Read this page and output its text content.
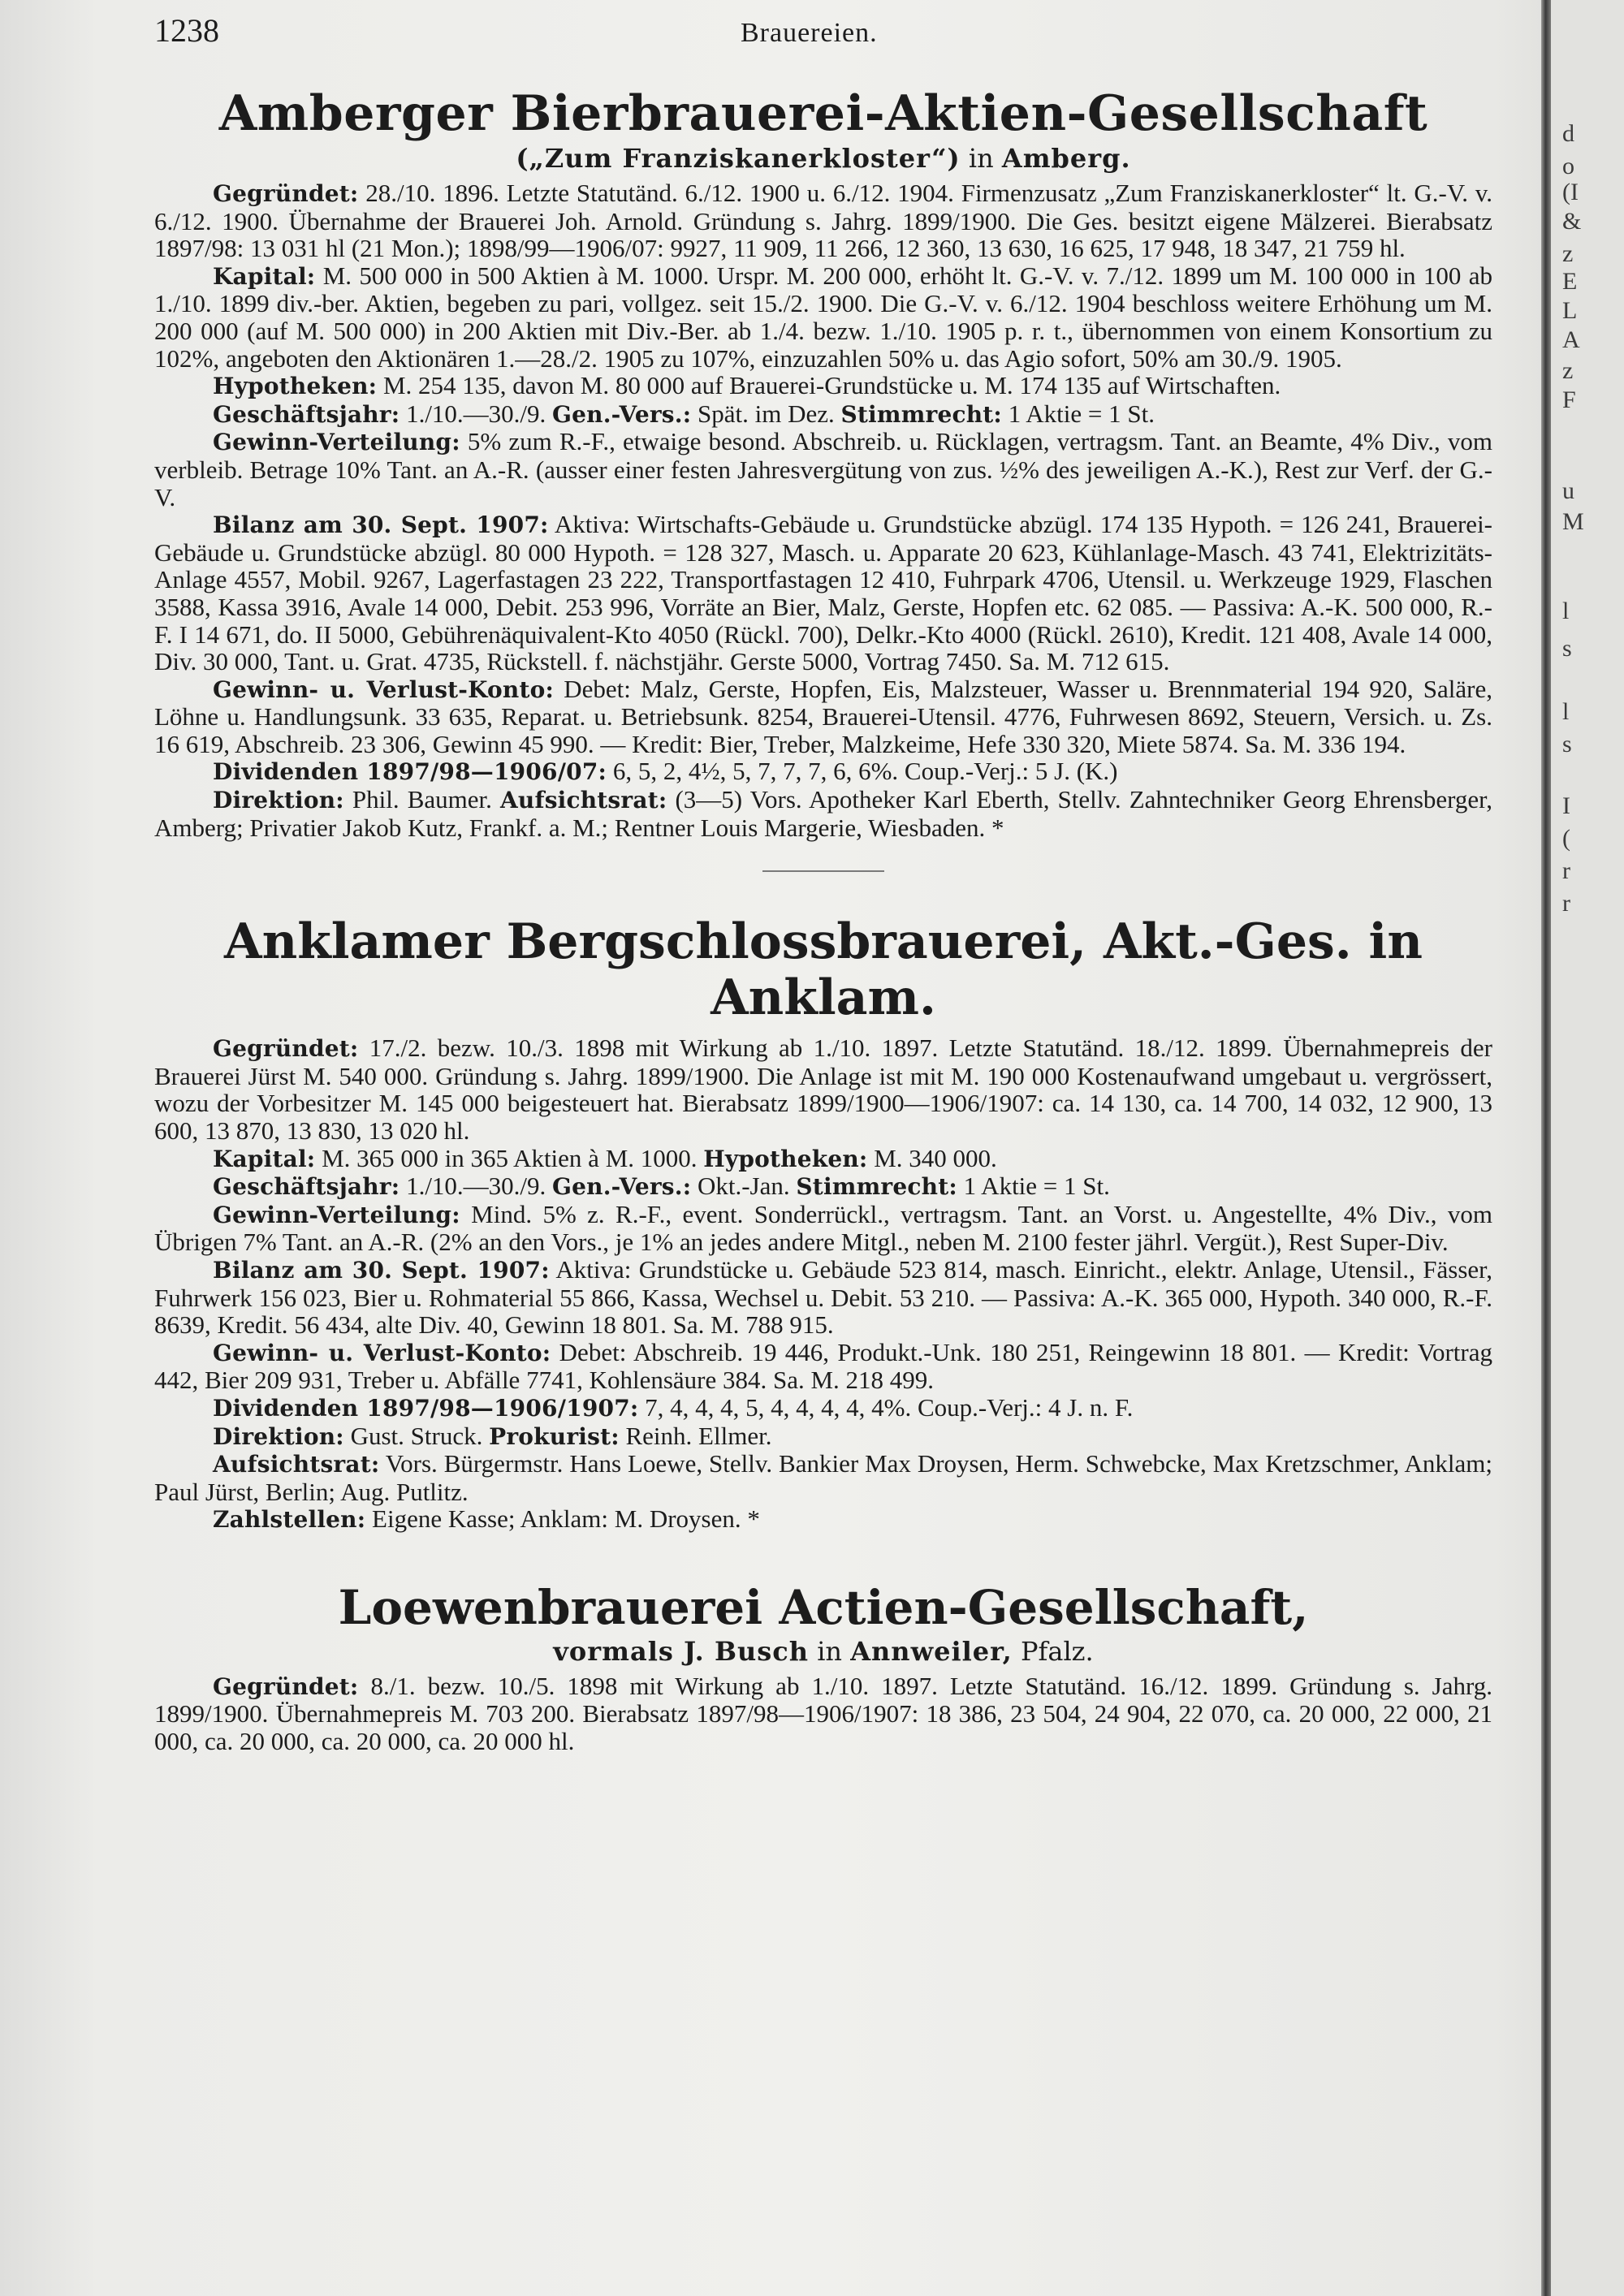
1238	Brauereien.
Amberger Bierbrauerei-Aktien-Gesellschaft
(„Zum Franziskanerkloster“) in Amberg.

Gegründet: 28./10. 1896. Letzte Statutänd. 6./12. 1900 u. 6./12. 1904. Firmenzusatz „Zum Franziskanerkloster“ lt. G.-V. v. 6./12. 1900. Übernahme der Brauerei Joh. Arnold. Gründung s. Jahrg. 1899/1900. Die Ges. besitzt eigene Mälzerei. Bierabsatz 1897/98: 13 031 hl (21 Mon.); 1898/99—1906/07: 9927, 11 909, 11 266, 12 360, 13 630, 16 625, 17 948, 18 347, 21 759 hl.

Kapital: M. 500 000 in 500 Aktien à M. 1000. Urspr. M. 200 000, erhöht lt. G.-V. v. 7./12. 1899 um M. 100 000 in 100 ab 1./10. 1899 div.-ber. Aktien, begeben zu pari, vollgez. seit 15./2. 1900. Die G.-V. v. 6./12. 1904 beschloss weitere Erhöhung um M. 200 000 (auf M. 500 000) in 200 Aktien mit Div.-Ber. ab 1./4. bezw. 1./10. 1905 p. r. t., übernommen von einem Konsortium zu 102%, angeboten den Aktionären 1.—28./2. 1905 zu 107%, einzuzahlen 50% u. das Agio sofort, 50% am 30./9. 1905.

Hypotheken: M. 254 135, davon M. 80 000 auf Brauerei-Grundstücke u. M. 174 135 auf Wirtschaften.

Geschäftsjahr: 1./10.—30./9. Gen.-Vers.: Spät. im Dez. Stimmrecht: 1 Aktie = 1 St.

Gewinn-Verteilung: 5% zum R.-F., etwaige besond. Abschreib. u. Rücklagen, vertragsm. Tant. an Beamte, 4% Div., vom verbleib. Betrage 10% Tant. an A.-R. (ausser einer festen Jahresvergütung von zus. ½% des jeweiligen A.-K.), Rest zur Verf. der G.-V.

Bilanz am 30. Sept. 1907: Aktiva: Wirtschafts-Gebäude u. Grundstücke abzügl. 174 135 Hypoth. = 126 241, Brauerei-Gebäude u. Grundstücke abzügl. 80 000 Hypoth. = 128 327, Masch. u. Apparate 20 623, Kühlanlage-Masch. 43 741, Elektrizitäts-Anlage 4557, Mobil. 9267, Lagerfastagen 23 222, Transportfastagen 12 410, Fuhrpark 4706, Utensil. u. Werkzeuge 1929, Flaschen 3588, Kassa 3916, Avale 14 000, Debit. 253 996, Vorräte an Bier, Malz, Gerste, Hopfen etc. 62 085. — Passiva: A.-K. 500 000, R.-F. I 14 671, do. II 5000, Gebührenäquivalent-Kto 4050 (Rückl. 700), Delkr.-Kto 4000 (Rückl. 2610), Kredit. 121 408, Avale 14 000, Div. 30 000, Tant. u. Grat. 4735, Rückstell. f. nächstjähr. Gerste 5000, Vortrag 7450. Sa. M. 712 615.

Gewinn- u. Verlust-Konto: Debet: Malz, Gerste, Hopfen, Eis, Malzsteuer, Wasser u. Brennmaterial 194 920, Saläre, Löhne u. Handlungsunk. 33 635, Reparat. u. Betriebsunk. 8254, Brauerei-Utensil. 4776, Fuhrwesen 8692, Steuern, Versich. u. Zs. 16 619, Abschreib. 23 306, Gewinn 45 990. — Kredit: Bier, Treber, Malzkeime, Hefe 330 320, Miete 5874. Sa. M. 336 194.

Dividenden 1897/98—1906/07: 6, 5, 2, 4½, 5, 7, 7, 7, 6, 6%. Coup.-Verj.: 5 J. (K.)

Direktion: Phil. Baumer. Aufsichtsrat: (3—5) Vors. Apotheker Karl Eberth, Stellv. Zahntechniker Georg Ehrensberger, Amberg; Privatier Jakob Kutz, Frankf. a. M.; Rentner Louis Margerie, Wiesbaden. *

Anklamer Bergschlossbrauerei, Akt.-Ges. in Anklam.

Gegründet: 17./2. bezw. 10./3. 1898 mit Wirkung ab 1./10. 1897. Letzte Statutänd. 18./12. 1899. Übernahmepreis der Brauerei Jürst M. 540 000. Gründung s. Jahrg. 1899/1900. Die Anlage ist mit M. 190 000 Kostenaufwand umgebaut u. vergrössert, wozu der Vorbesitzer M. 145 000 beigesteuert hat. Bierabsatz 1899/1900—1906/1907: ca. 14 130, ca. 14 700, 14 032, 12 900, 13 600, 13 870, 13 830, 13 020 hl.

Kapital: M. 365 000 in 365 Aktien à M. 1000. Hypotheken: M. 340 000.

Geschäftsjahr: 1./10.—30./9. Gen.-Vers.: Okt.-Jan. Stimmrecht: 1 Aktie = 1 St.

Gewinn-Verteilung: Mind. 5% z. R.-F., event. Sonderrückl., vertragsm. Tant. an Vorst. u. Angestellte, 4% Div., vom Übrigen 7% Tant. an A.-R. (2% an den Vors., je 1% an jedes andere Mitgl., neben M. 2100 fester jährl. Vergüt.), Rest Super-Div.

Bilanz am 30. Sept. 1907: Aktiva: Grundstücke u. Gebäude 523 814, masch. Einricht., elektr. Anlage, Utensil., Fässer, Fuhrwerk 156 023, Bier u. Rohmaterial 55 866, Kassa, Wechsel u. Debit. 53 210. — Passiva: A.-K. 365 000, Hypoth. 340 000, R.-F. 8639, Kredit. 56 434, alte Div. 40, Gewinn 18 801. Sa. M. 788 915.

Gewinn- u. Verlust-Konto: Debet: Abschreib. 19 446, Produkt.-Unk. 180 251, Reingewinn 18 801. — Kredit: Vortrag 442, Bier 209 931, Treber u. Abfälle 7741, Kohlensäure 384. Sa. M. 218 499.

Dividenden 1897/98—1906/1907: 7, 4, 4, 4, 5, 4, 4, 4, 4, 4%. Coup.-Verj.: 4 J. n. F.

Direktion: Gust. Struck. Prokurist: Reinh. Ellmer.

Aufsichtsrat: Vors. Bürgermstr. Hans Loewe, Stellv. Bankier Max Droysen, Herm. Schwebcke, Max Kretzschmer, Anklam; Paul Jürst, Berlin; Aug. Putlitz.

Zahlstellen: Eigene Kasse; Anklam: M. Droysen. *

Loewenbrauerei Actien-Gesellschaft,
vormals J. Busch in Annweiler, Pfalz.

Gegründet: 8./1. bezw. 10./5. 1898 mit Wirkung ab 1./10. 1897. Letzte Statutänd. 16./12. 1899. Gründung s. Jahrg. 1899/1900. Übernahmepreis M. 703 200. Bierabsatz 1897/98—1906/1907: 18 386, 23 504, 24 904, 22 070, ca. 20 000, 22 000, 21 000, ca. 20 000, ca. 20 000, ca. 20 000 hl.

d
o
(I
&
z
E
L
A
z
F
u
M
l
s
l
s
I
(
r
r
